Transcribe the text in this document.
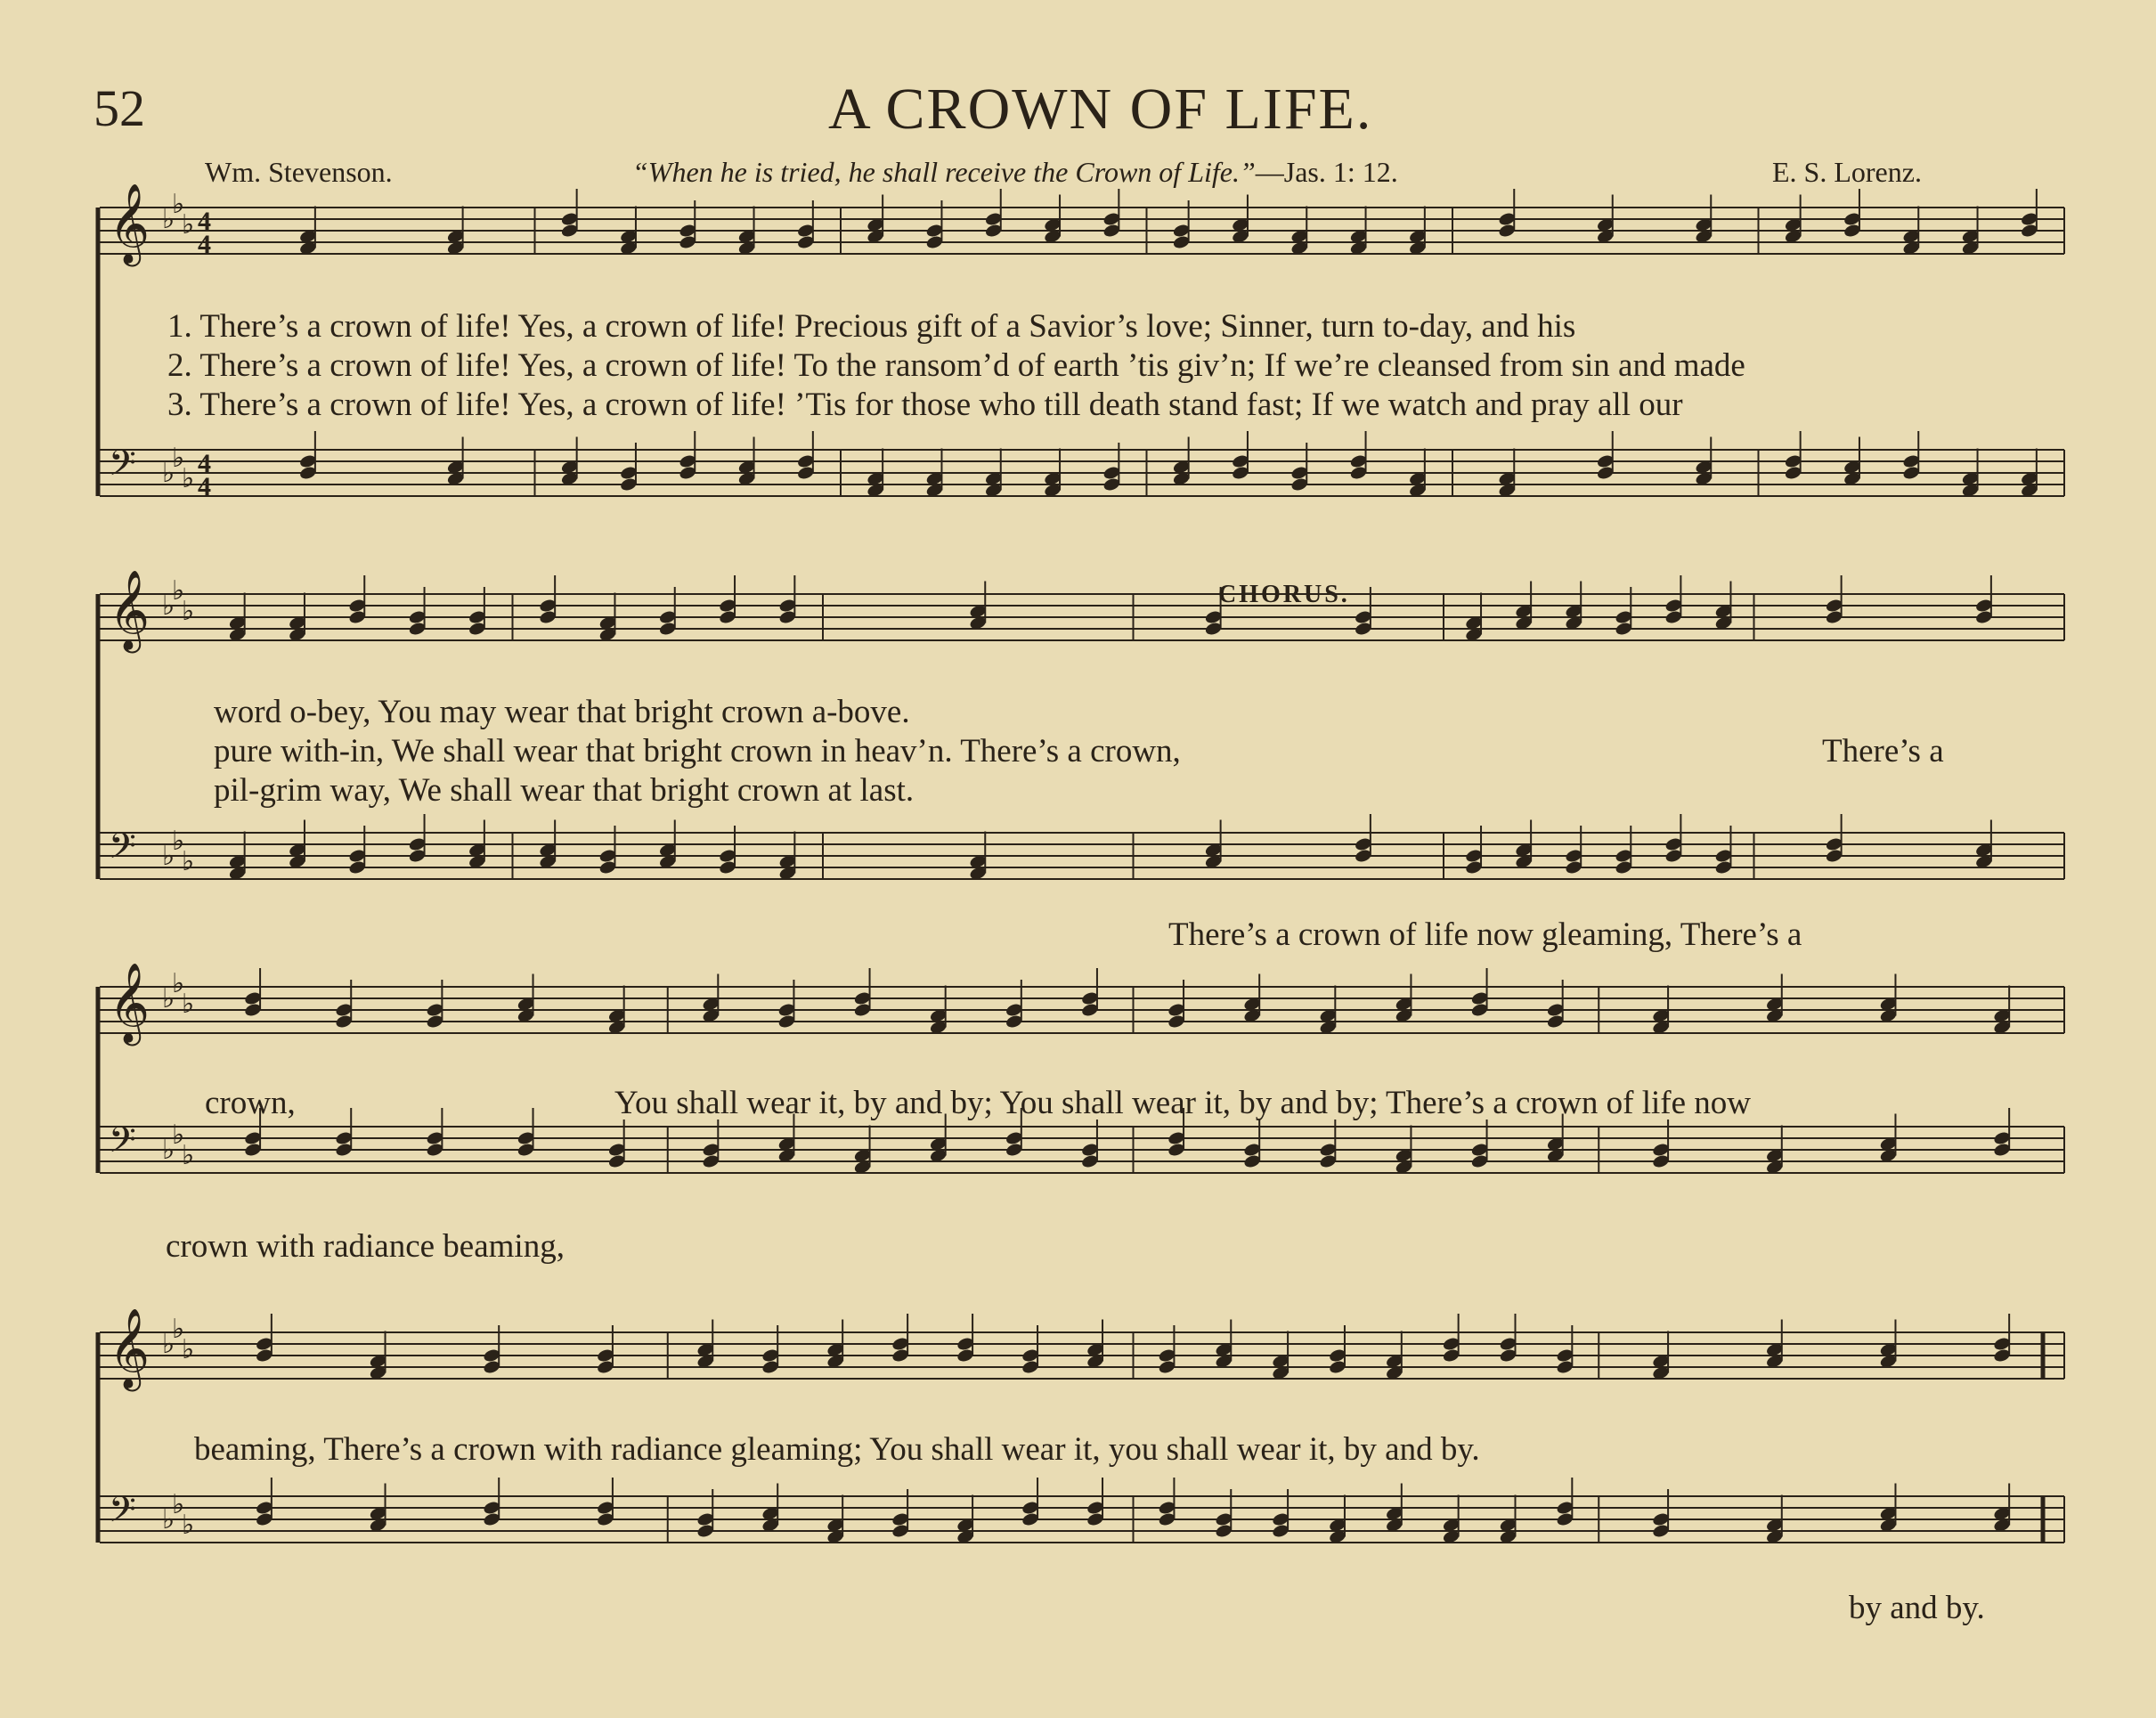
52	A CROWN OF LIFE.
Wm. Stevenson.	“When he is tried, he shall receive the Crown of Life.”—Jas. 1: 12.	E. S. Lorenz.
1. There’s a crown of life! Yes, a crown of life! Precious gift of a Savior’s love; Sinner, turn to-day, and his
2. There’s a crown of life! Yes, a crown of life! To the ransom’d of earth ’tis giv’n; If we’re cleansed from sin and made
3. There’s a crown of life! Yes, a crown of life! ’Tis for those who till death stand fast; If we watch and pray all our
word o-bey, You may wear that bright crown a-bove.
pure with-in, We shall wear that bright crown in heav’n. There’s a crown,	There’s a
pil-grim way, We shall wear that bright crown at last.
CHORUS.
There’s a crown of life now gleaming, There’s a
crown,	You shall wear it, by and by; You shall wear it, by and by; There’s a crown of life now
crown with radiance beaming,
beaming, There’s a crown with radiance gleaming; You shall wear it, you shall wear it, by and by.
by and by.
𝄞
𝄢
♭
♭
♭
♭
♭
♭
4
4
4
4
𝄞
𝄢
♭
♭
♭
♭
♭
♭
𝄞
𝄢
♭
♭
♭
♭
♭
♭
𝄞
𝄢
♭
♭
♭
♭
♭
♭
